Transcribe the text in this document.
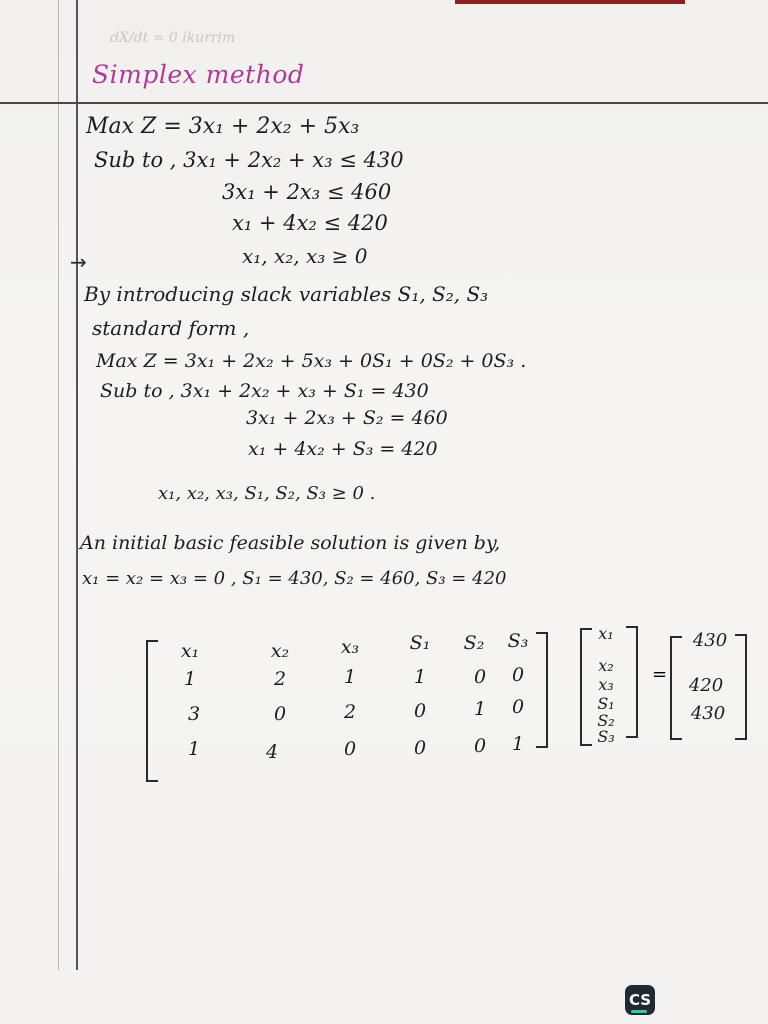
dX/dt = 0 ikurrim
Simplex method
Max Z = 3x₁ + 2x₂ + 5x₃
Sub to , 3x₁ + 2x₂ + x₃ ≤ 430
3x₁ + 2x₃ ≤ 460
x₁ + 4x₂ ≤ 420
→	x₁, x₂, x₃ ≥ 0
By introducing slack variables S₁, S₂, S₃
standard form ,
Max Z = 3x₁ + 2x₂ + 5x₃ + 0S₁ + 0S₂ + 0S₃ .
Sub to , 3x₁ + 2x₂ + x₃ + S₁ = 430
3x₁ + 2x₃ + S₂ = 460
x₁ + 4x₂ + S₃ = 420
x₁, x₂, x₃, S₁, S₂, S₃ ≥ 0 .
An initial basic feasible solution is given by,
x₁ = x₂ = x₃ = 0 , S₁ = 430, S₂ = 460, S₃ = 420
x₁	x₂	x₃	S₁	S₂	S₃
1	2	1	1	0	0
3	0	2	0	1	0
1	4	0	0	0	1
x₁
x₂
x₃
S₁
S₂
S₃
=
430
420
430
CS
